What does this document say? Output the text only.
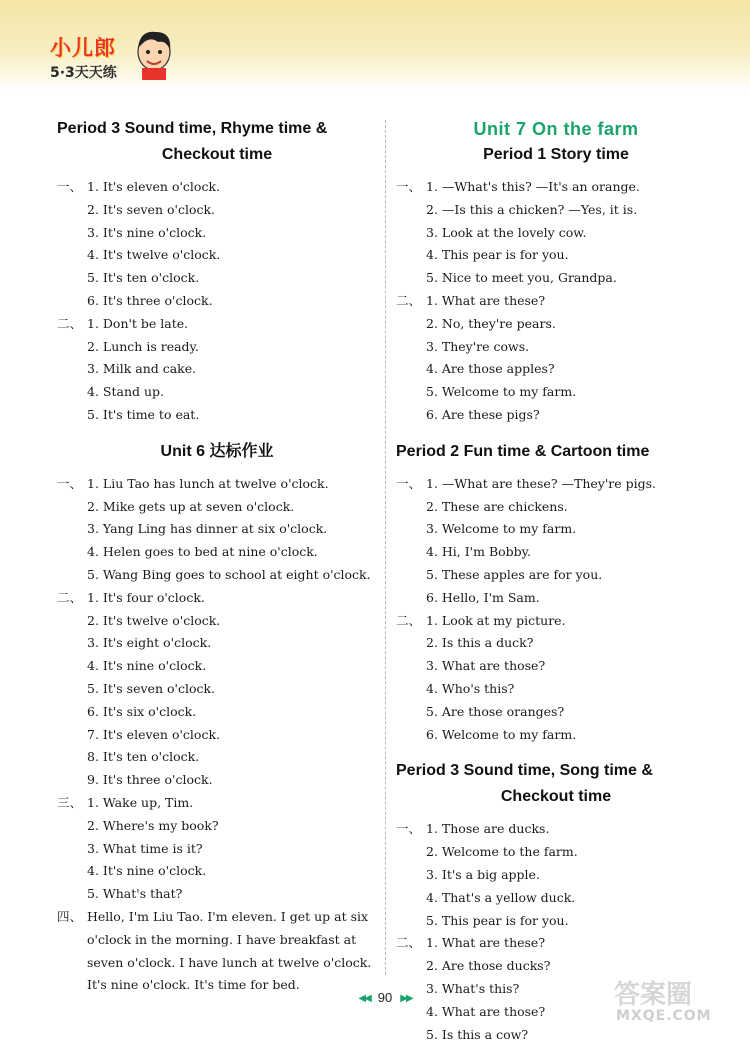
小儿郎
5·3天天练
Period 3 Sound time, Rhyme time &
Checkout time
一、 1. It's eleven o'clock.
2. It's seven o'clock.
3. It's nine o'clock.
4. It's twelve o'clock.
5. It's ten o'clock.
6. It's three o'clock.
二、 1. Don't be late.
2. Lunch is ready.
3. Milk and cake.
4. Stand up.
5. It's time to eat.
Unit 6 达标作业
一、 1. Liu Tao has lunch at twelve o'clock.
2. Mike gets up at seven o'clock.
3. Yang Ling has dinner at six o'clock.
4. Helen goes to bed at nine o'clock.
5. Wang Bing goes to school at eight o'clock.
二、 1. It's four o'clock.
2. It's twelve o'clock.
3. It's eight o'clock.
4. It's nine o'clock.
5. It's seven o'clock.
6. It's six o'clock.
7. It's eleven o'clock.
8. It's ten o'clock.
9. It's three o'clock.
三、 1. Wake up, Tim.
2. Where's my book?
3. What time is it?
4. It's nine o'clock.
5. What's that?
四、 Hello, I'm Liu Tao. I'm eleven. I get up at six o'clock in the morning. I have breakfast at seven o'clock. I have lunch at twelve o'clock. It's nine o'clock. It's time for bed.
Unit 7 On the farm
Period 1 Story time
一、 1. —What's this? —It's an orange.
2. —Is this a chicken? —Yes, it is.
3. Look at the lovely cow.
4. This pear is for you.
5. Nice to meet you, Grandpa.
二、 1. What are these?
2. No, they're pears.
3. They're cows.
4. Are those apples?
5. Welcome to my farm.
6. Are these pigs?
Period 2 Fun time & Cartoon time
一、 1. —What are these? —They're pigs.
2. These are chickens.
3. Welcome to my farm.
4. Hi, I'm Bobby.
5. These apples are for you.
6. Hello, I'm Sam.
二、 1. Look at my picture.
2. Is this a duck?
3. What are those?
4. Who's this?
5. Are those oranges?
6. Welcome to my farm.
Period 3 Sound time, Song time &
Checkout time
一、 1. Those are ducks.
2. Welcome to the farm.
3. It's a big apple.
4. That's a yellow duck.
5. This pear is for you.
二、 1. What are these?
2. Are those ducks?
3. What's this?
4. What are those?
5. Is this a cow?
◀◀ 90 ▶▶	答案圈
MXQE.COM
